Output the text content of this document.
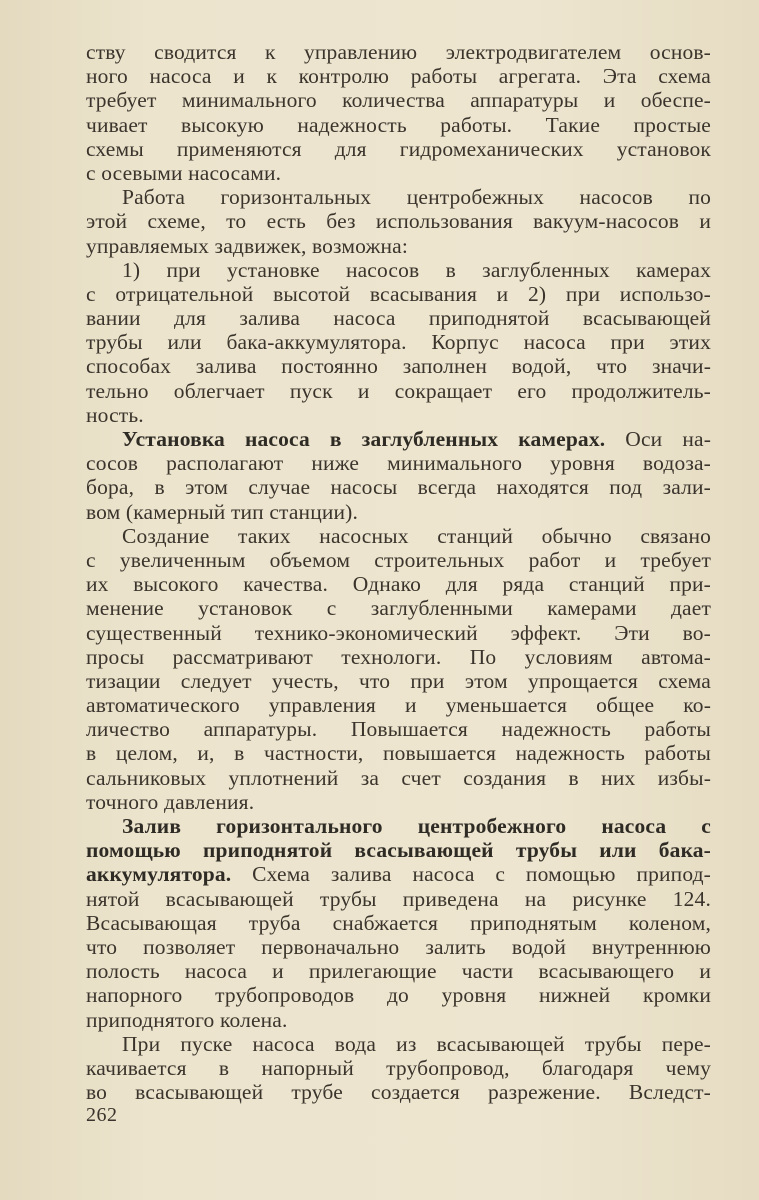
ству сводится к управлению электродвигателем основ-
ного насоса и к контролю работы агрегата. Эта схема
требует минимального количества аппаратуры и обеспе-
чивает высокую надежность работы. Такие простые
схемы применяются для гидромеханических установок
с осевыми насосами.
Работа горизонтальных центробежных насосов по
этой схеме, то есть без использования вакуум-насосов и
управляемых задвижек, возможна:
1) при установке насосов в заглубленных камерах
с отрицательной высотой всасывания и 2) при использо-
вании для залива насоса приподнятой всасывающей
трубы или бака-аккумулятора. Корпус насоса при этих
способах залива постоянно заполнен водой, что значи-
тельно облегчает пуск и сокращает его продолжитель-
ность.
Установка насоса в заглубленных камерах. Оси на-
сосов располагают ниже минимального уровня водоза-
бора, в этом случае насосы всегда находятся под зали-
вом (камерный тип станции).
Создание таких насосных станций обычно связано
с увеличенным объемом строительных работ и требует
их высокого качества. Однако для ряда станций при-
менение установок с заглубленными камерами дает
существенный технико-экономический эффект. Эти во-
просы рассматривают технологи. По условиям автома-
тизации следует учесть, что при этом упрощается схема
автоматического управления и уменьшается общее ко-
личество аппаратуры. Повышается надежность работы
в целом, и, в частности, повышается надежность работы
сальниковых уплотнений за счет создания в них избы-
точного давления.
Залив горизонтального центробежного насоса с
помощью приподнятой всасывающей трубы или бака-
аккумулятора. Схема залива насоса с помощью припод-
нятой всасывающей трубы приведена на рисунке 124.
Всасывающая труба снабжается приподнятым коленом,
что позволяет первоначально залить водой внутреннюю
полость насоса и прилегающие части всасывающего и
напорного трубопроводов до уровня нижней кромки
приподнятого колена.
При пуске насоса вода из всасывающей трубы пере-
качивается в напорный трубопровод, благодаря чему
во всасывающей трубе создается разрежение. Вследст-
262
